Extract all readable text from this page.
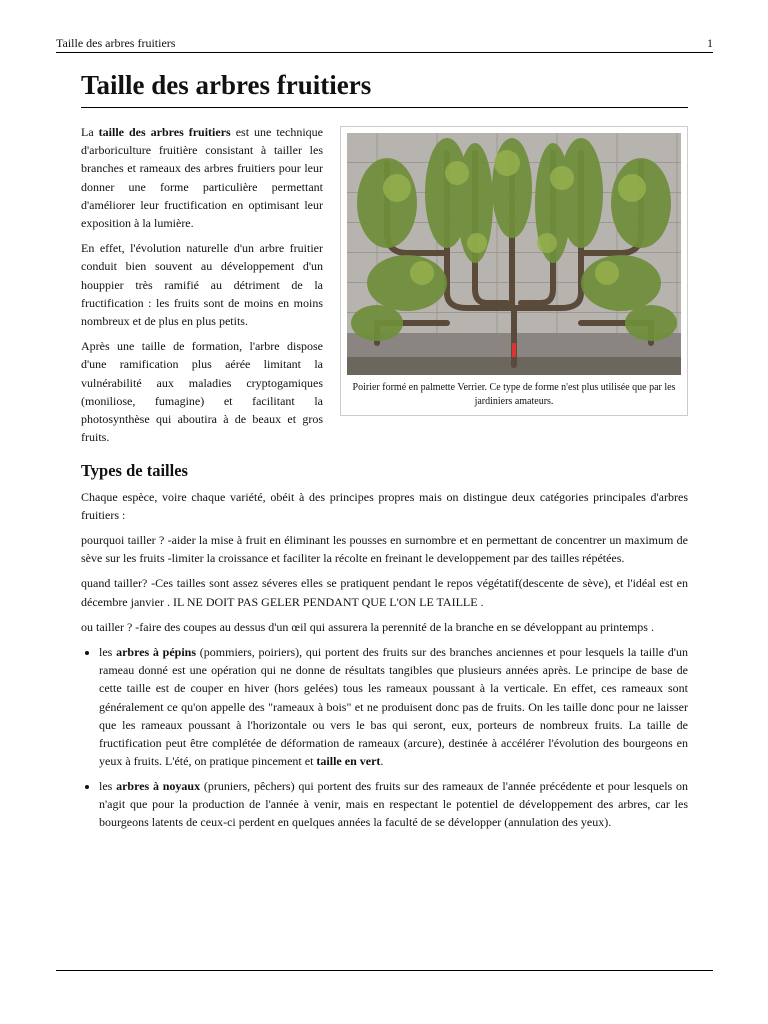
Taille des arbres fruitiers	1
Taille des arbres fruitiers
Poirier formé en palmette Verrier. Ce type de forme n'est plus utilisée que par les jardiniers amateurs.

La taille des arbres fruitiers est une technique d'arboriculture fruitière consistant à tailler les branches et rameaux des arbres fruitiers pour leur donner une forme particulière permettant d'améliorer leur fructification en optimisant leur exposition à la lumière.

En effet, l'évolution naturelle d'un arbre fruitier conduit bien souvent au développement d'un houppier très ramifié au détriment de la fructification : les fruits sont de moins en moins nombreux et de plus en plus petits.

Après une taille de formation, l'arbre dispose d'une ramification plus aérée limitant la vulnérabilité aux maladies cryptogamiques (moniliose, fumagine) et facilitant la photosynthèse qui aboutira à de beaux et gros fruits.

Types de tailles

Chaque espèce, voire chaque variété, obéit à des principes propres mais on distingue deux catégories principales d'arbres fruitiers :

pourquoi tailler ? -aider la mise à fruit en éliminant les pousses en surnombre et en permettant de concentrer un maximum de sève sur les fruits -limiter la croissance et faciliter la récolte en freinant le developpement par des tailles répétées.

quand tailler? -Ces tailles sont assez séveres elles se pratiquent pendant le repos végétatif(descente de sève), et l'idéal est en décembre janvier . IL NE DOIT PAS GELER PENDANT QUE L'ON LE TAILLE .

ou tailler ? -faire des coupes au dessus d'un œil qui assurera la perennité de la branche en se développant au printemps .

• les arbres à pépins (pommiers, poiriers), qui portent des fruits sur des branches anciennes et pour lesquels la taille d'un rameau donné est une opération qui ne donne de résultats tangibles que plusieurs années après. Le principe de base de cette taille est de couper en hiver (hors gelées) tous les rameaux poussant à la verticale. En effet, ces rameaux sont généralement ce qu'on appelle des "rameaux à bois" et ne produisent donc pas de fruits. On les taille donc pour ne laisser que les rameaux poussant à l'horizontale ou vers le bas qui seront, eux, porteurs de nombreux fruits. La taille de fructification peut être complétée de déformation de rameaux (arcure), destinée à accélérer l'évolution des bourgeons en yeux à fruits. L'été, on pratique pincement et taille en vert.
• les arbres à noyaux (pruniers, pêchers) qui portent des fruits sur des rameaux de l'année précédente et pour lesquels on n'agit que pour la production de l'année à venir, mais en respectant le potentiel de développement des arbres, car les bourgeons latents de ceux-ci perdent en quelques années la faculté de se développer (annulation des yeux).
